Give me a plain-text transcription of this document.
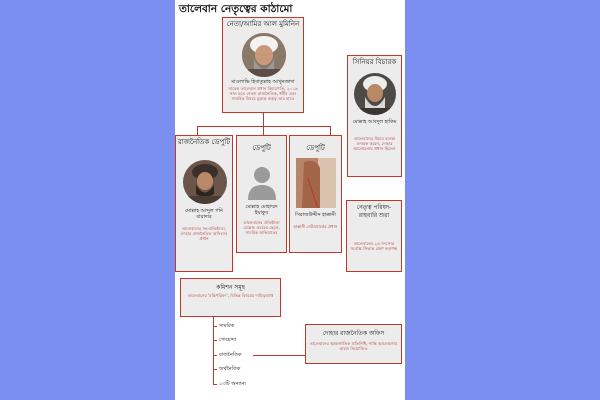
তালেবান নেতৃত্বের কাঠামো
নেতা/আমির আল মুমিনিন
মাওলাভি হিবাতুল্লাহ আখুনজাদা
সাবেক তালেবান প্রধান বিচারপতি, ২০১৬ সাল হতে নেতা। রাজনৈতিক, ধর্মীয় এবং সামরিক বিষয়ে চূড়ান্ত কর্তৃত্ব তার হাতে
সিনিয়র বিচারক
মোল্লাহ আবদুল হাকিম
তালেবানের বিচার ব্যবস্থা তদারক করেন, দোহার আলোচনায় প্রধান ছিলেন
রাজনৈতিক ডেপুটি
মোল্লাহ আব্দুল গনি বারাদার
তালেবানের সহ-প্রতিষ্ঠাতা, দোহার রাজনৈতিক অফিসের প্রধান
ডেপুটি
মোল্লাহ মোহাম্মদ ইয়াকুব
তালেবানের প্রতিষ্ঠাতা মোল্লাহ ওমরের ছেলে, সামরিক অভিযানের
ডেপুটি
সিরাজউদ্দীন হাক্কানী
হাক্কানী নেটওয়ার্কের প্রধান
নেতৃত্ব পরিষদ- রাহবারি শুরা
তালেবানের ২৬ সদস্যের সর্বোচ্চ সিদ্ধান্ত গ্রহণ কর্তৃপক্ষ
কমিশন সমূহ
তালেবানের 'মন্ত্রিপরিষদ', বিভিন্ন বিষয়ের দায়িত্বপ্রাপ্ত
সামরিক
গোয়েন্দা
রাজনৈতিক
অর্থনৈতিক
১৩টি অন্যান্য
দোহার রাজনৈতিক অফিস
তালেবানের আন্তর্জাতিক প্রতিনিধি, শান্তি আলোচনার কাজে নিয়োজিত
